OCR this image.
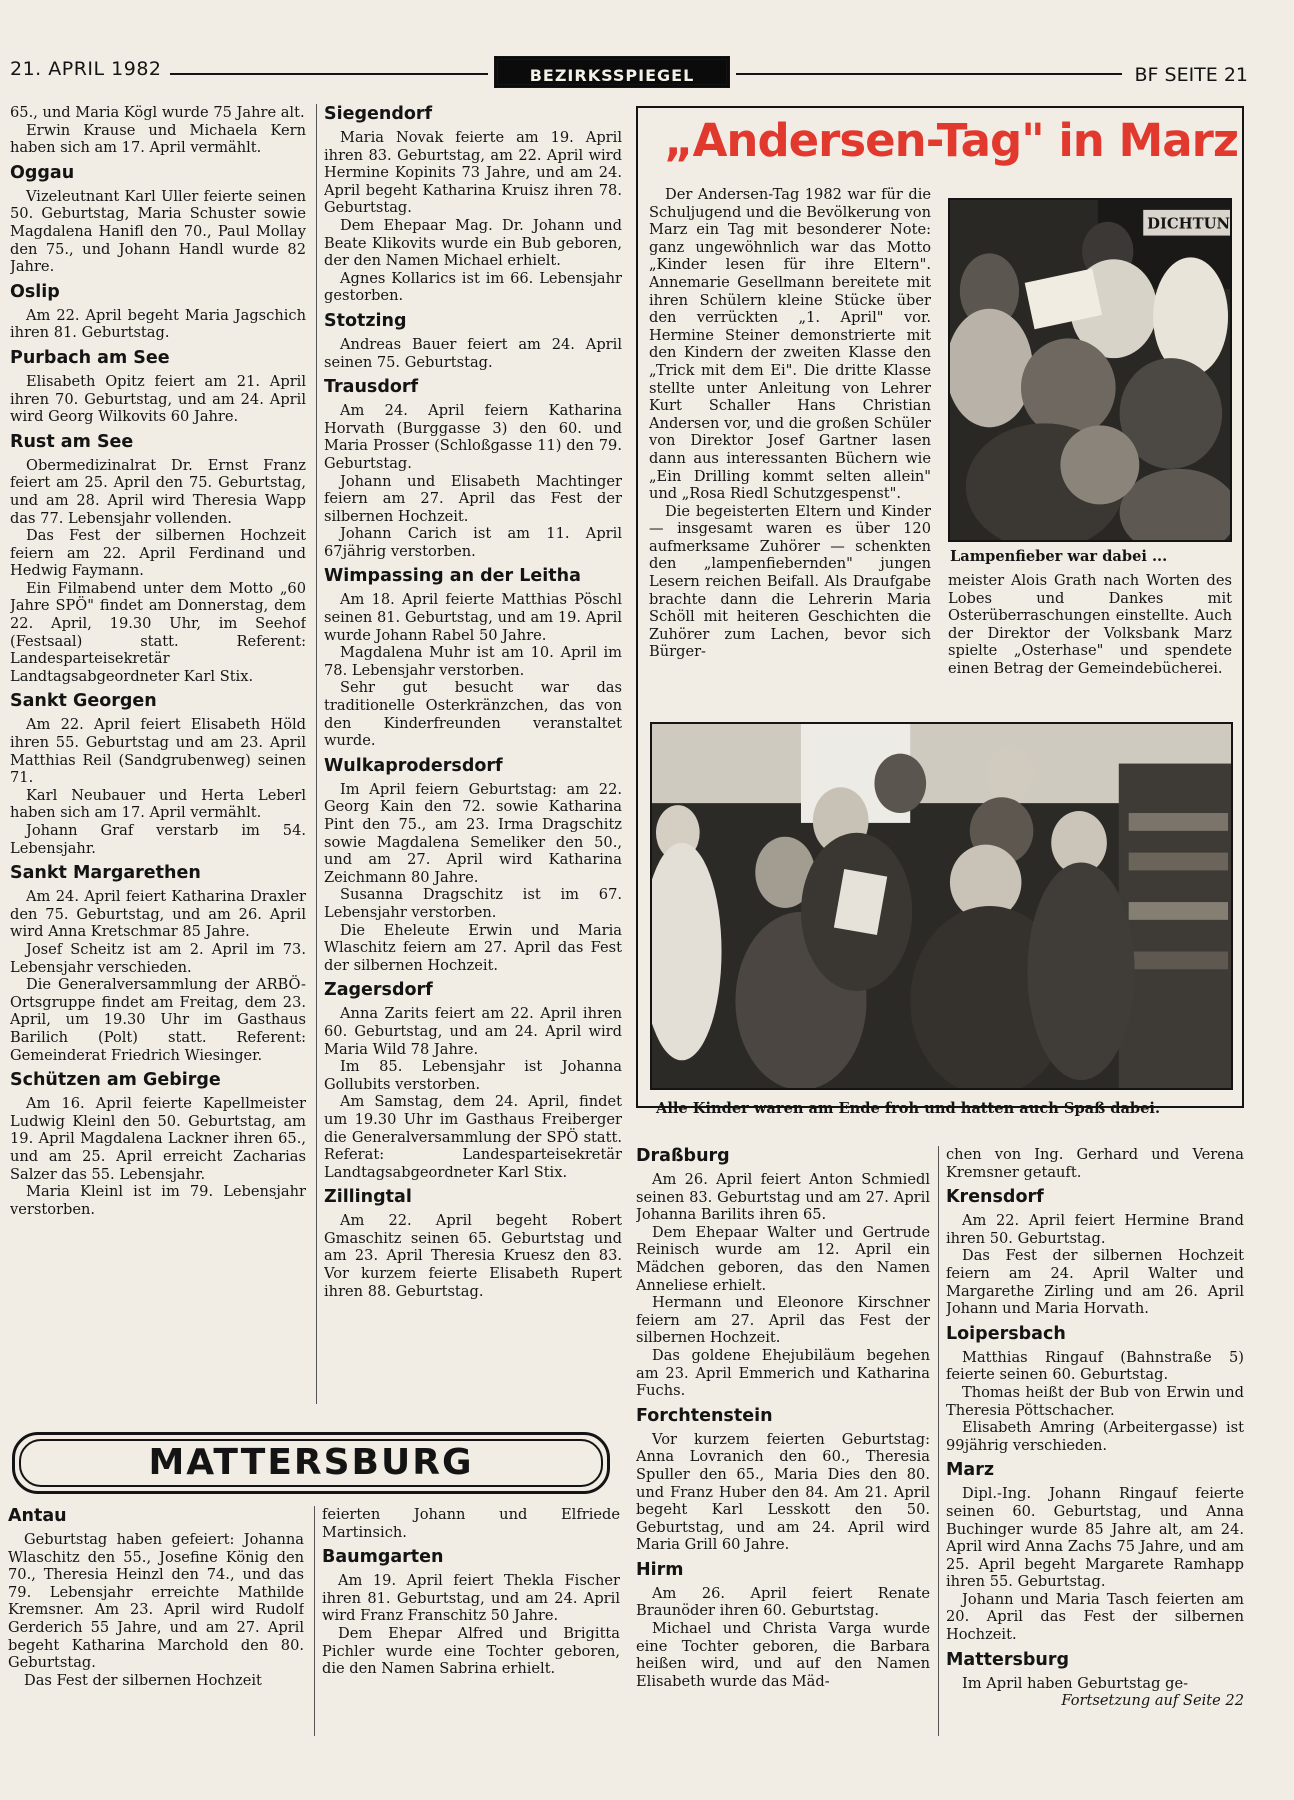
21. APRIL 1982	BEZIRKSSPIEGEL	BF SEITE 21

65., und Maria Kögl wurde 75 Jahre alt.

Erwin Krause und Michaela Kern haben sich am 17. April vermählt.

Oggau

Vizeleutnant Karl Uller feierte seinen 50. Geburtstag, Maria Schuster sowie Magdalena Hanifl den 70., Paul Mollay den 75., und Johann Handl wurde 82 Jahre.

Oslip

Am 22. April begeht Maria Jagschich ihren 81. Geburtstag.

Purbach am See

Elisabeth Opitz feiert am 21. April ihren 70. Geburtstag, und am 24. April wird Georg Wilkovits 60 Jahre.

Rust am See

Obermedizinalrat Dr. Ernst Franz feiert am 25. April den 75. Geburtstag, und am 28. April wird Theresia Wapp das 77. Lebensjahr vollenden.

Das Fest der silbernen Hochzeit feiern am 22. April Ferdinand und Hedwig Faymann.

Ein Filmabend unter dem Motto „60 Jahre SPÖ" findet am Donnerstag, dem 22. April, 19.30 Uhr, im Seehof (Festsaal) statt. Referent: Landesparteisekretär Landtagsabgeordneter Karl Stix.

Sankt Georgen

Am 22. April feiert Elisabeth Höld ihren 55. Geburtstag und am 23. April Matthias Reil (Sandgrubenweg) seinen 71.

Karl Neubauer und Herta Leberl haben sich am 17. April vermählt.

Johann Graf verstarb im 54. Lebensjahr.

Sankt Margarethen

Am 24. April feiert Katharina Draxler den 75. Geburtstag, und am 26. April wird Anna Kretschmar 85 Jahre.

Josef Scheitz ist am 2. April im 73. Lebensjahr verschieden.

Die Generalversammlung der ARBÖ-Ortsgruppe findet am Freitag, dem 23. April, um 19.30 Uhr im Gasthaus Barilich (Polt) statt. Referent: Gemeinderat Friedrich Wiesinger.

Schützen am Gebirge

Am 16. April feierte Kapellmeister Ludwig Kleinl den 50. Geburtstag, am 19. April Magdalena Lackner ihren 65., und am 25. April erreicht Zacharias Salzer das 55. Lebensjahr.

Maria Kleinl ist im 79. Lebensjahr verstorben.

Siegendorf

Maria Novak feierte am 19. April ihren 83. Geburtstag, am 22. April wird Hermine Kopinits 73 Jahre, und am 24. April begeht Katharina Kruisz ihren 78. Geburtstag.

Dem Ehepaar Mag. Dr. Johann und Beate Klikovits wurde ein Bub geboren, der den Namen Michael erhielt.

Agnes Kollarics ist im 66. Lebensjahr gestorben.

Stotzing

Andreas Bauer feiert am 24. April seinen 75. Geburtstag.

Trausdorf

Am 24. April feiern Katharina Horvath (Burggasse 3) den 60. und Maria Prosser (Schloßgasse 11) den 79. Geburtstag.

Johann und Elisabeth Machtinger feiern am 27. April das Fest der silbernen Hochzeit.

Johann Carich ist am 11. April 67jährig verstorben.

Wimpassing an der Leitha

Am 18. April feierte Matthias Pöschl seinen 81. Geburtstag, und am 19. April wurde Johann Rabel 50 Jahre.

Magdalena Muhr ist am 10. April im 78. Lebensjahr verstorben.

Sehr gut besucht war das traditionelle Osterkränzchen, das von den Kinderfreunden veranstaltet wurde.

Wulkaprodersdorf

Im April feiern Geburtstag: am 22. Georg Kain den 72. sowie Katharina Pint den 75., am 23. Irma Dragschitz sowie Magdalena Semeliker den 50., und am 27. April wird Katharina Zeichmann 80 Jahre.

Susanna Dragschitz ist im 67. Lebensjahr verstorben.

Die Eheleute Erwin und Maria Wlaschitz feiern am 27. April das Fest der silbernen Hochzeit.

Zagersdorf

Anna Zarits feiert am 22. April ihren 60. Geburtstag, und am 24. April wird Maria Wild 78 Jahre.

Im 85. Lebensjahr ist Johanna Gollubits verstorben.

Am Samstag, dem 24. April, findet um 19.30 Uhr im Gasthaus Freiberger die Generalversammlung der SPÖ statt. Referat: Landesparteisekretär Landtagsabgeordneter Karl Stix.

Zillingtal

Am 22. April begeht Robert Gmaschitz seinen 65. Geburtstag und am 23. April Theresia Kruesz den 83. Vor kurzem feierte Elisabeth Rupert ihren 88. Geburtstag.

„Andersen-Tag" in Marz

Der Andersen-Tag 1982 war für die Schuljugend und die Bevölkerung von Marz ein Tag mit besonderer Note: ganz ungewöhnlich war das Motto „Kinder lesen für ihre Eltern". Annemarie Gesellmann bereitete mit ihren Schülern kleine Stücke über den verrückten „1. April" vor. Hermine Steiner demonstrierte mit den Kindern der zweiten Klasse den „Trick mit dem Ei". Die dritte Klasse stellte unter Anleitung von Lehrer Kurt Schaller Hans Christian Andersen vor, und die großen Schüler von Direktor Josef Gartner lasen dann aus interessanten Büchern wie „Ein Drilling kommt selten allein" und „Rosa Riedl Schutzgespenst".

Die begeisterten Eltern und Kinder — insgesamt waren es über 120 aufmerksame Zuhörer — schenkten den „lampenfiebernden" jungen Lesern reichen Beifall. Als Draufgabe brachte dann die Lehrerin Maria Schöll mit heiteren Geschichten die Zuhörer zum Lachen, bevor sich Bürger-

DICHTUN
Lampenfieber war dabei ...

meister Alois Grath nach Worten des Lobes und Dankes mit Osterüberraschungen einstellte. Auch der Direktor der Volksbank Marz spielte „Osterhase" und spendete einen Betrag der Gemeindebücherei.

Alle Kinder waren am Ende froh und hatten auch Spaß dabei.
Draßburg

Am 26. April feiert Anton Schmiedl seinen 83. Geburtstag und am 27. April Johanna Barilits ihren 65.

Dem Ehepaar Walter und Gertrude Reinisch wurde am 12. April ein Mädchen geboren, das den Namen Anneliese erhielt.

Hermann und Eleonore Kirschner feiern am 27. April das Fest der silbernen Hochzeit.

Das goldene Ehejubiläum begehen am 23. April Emmerich und Katharina Fuchs.

Forchtenstein

Vor kurzem feierten Geburtstag: Anna Lovranich den 60., Theresia Spuller den 65., Maria Dies den 80. und Franz Huber den 84. Am 21. April begeht Karl Lesskott den 50. Geburtstag, und am 24. April wird Maria Grill 60 Jahre.

Hirm

Am 26. April feiert Renate Braunöder ihren 60. Geburtstag.

Michael und Christa Varga wurde eine Tochter geboren, die Barbara heißen wird, und auf den Namen Elisabeth wurde das Mäd-

chen von Ing. Gerhard und Verena Kremsner getauft.

Krensdorf

Am 22. April feiert Hermine Brand ihren 50. Geburtstag.

Das Fest der silbernen Hochzeit feiern am 24. April Walter und Margarethe Zirling und am 26. April Johann und Maria Horvath.

Loipersbach

Matthias Ringauf (Bahnstraße 5) feierte seinen 60. Geburtstag.

Thomas heißt der Bub von Erwin und Theresia Pöttschacher.

Elisabeth Amring (Arbeitergasse) ist 99jährig verschieden.

Marz

Dipl.-Ing. Johann Ringauf feierte seinen 60. Geburtstag, und Anna Buchinger wurde 85 Jahre alt, am 24. April wird Anna Zachs 75 Jahre, und am 25. April begeht Margarete Ramhapp ihren 55. Geburtstag.

Johann und Maria Tasch feierten am 20. April das Fest der silbernen Hochzeit.

Mattersburg

Im April haben Geburtstag ge-

Fortsetzung auf Seite 22

MATTERSBURG
Antau

Geburtstag haben gefeiert: Johanna Wlaschitz den 55., Josefine König den 70., Theresia Heinzl den 74., und das 79. Lebensjahr erreichte Mathilde Kremsner. Am 23. April wird Rudolf Gerderich 55 Jahre, und am 27. April begeht Katharina Marchold den 80. Geburtstag.

Das Fest der silbernen Hochzeit

feierten Johann und Elfriede Martinsich.

Baumgarten

Am 19. April feiert Thekla Fischer ihren 81. Geburtstag, und am 24. April wird Franz Franschitz 50 Jahre.

Dem Ehepar Alfred und Brigitta Pichler wurde eine Tochter geboren, die den Namen Sabrina erhielt.
